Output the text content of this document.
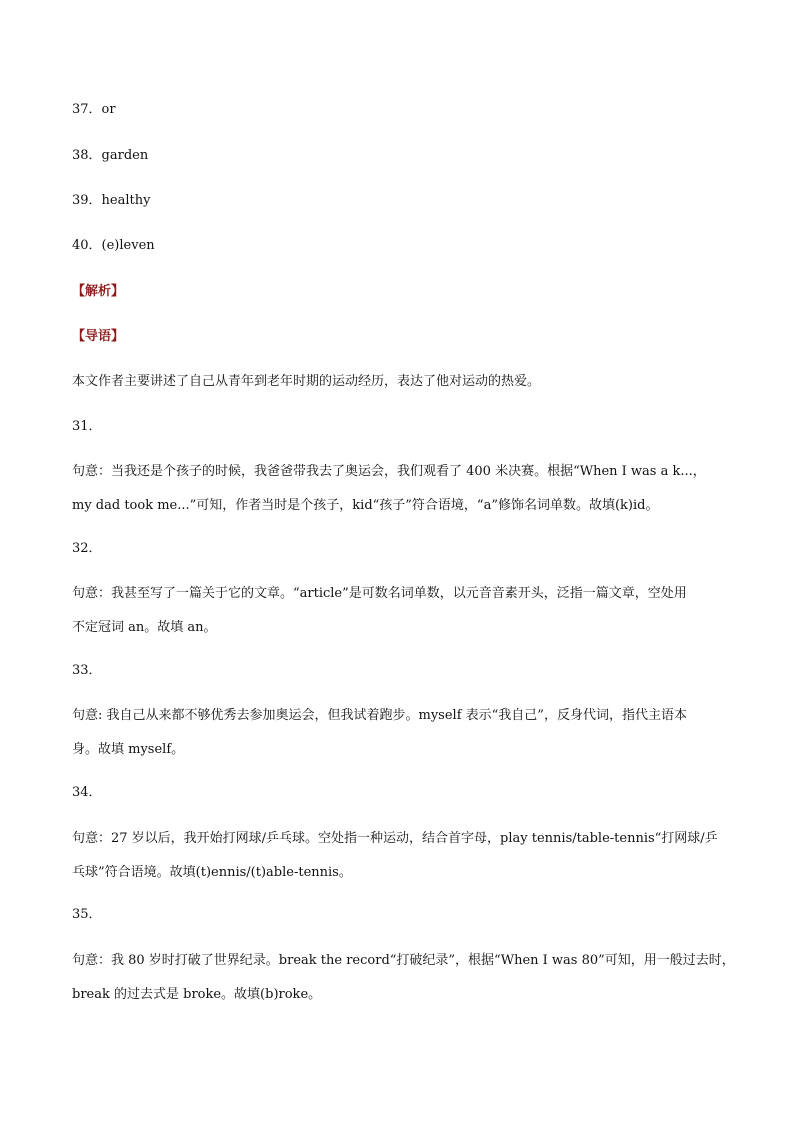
37．or
38．garden
39．healthy
40．(e)leven
【解析】
【导语】
本文作者主要讲述了自己从青年到老年时期的运动经历，表达了他对运动的热爱。
31．
句意：当我还是个孩子的时候，我爸爸带我去了奥运会，我们观看了 400 米决赛。根据“When I was a k...，
my dad took me...”可知，作者当时是个孩子，kid“孩子”符合语境，“a”修饰名词单数。故填(k)id。
32．
句意：我甚至写了一篇关于它的文章。“article”是可数名词单数，以元音音素开头，泛指一篇文章，空处用
不定冠词 an。故填 an。
33．
句意: 我自己从来都不够优秀去参加奥运会，但我试着跑步。myself 表示“我自己”，反身代词，指代主语本
身。故填 myself。
34．
句意：27 岁以后，我开始打网球/乒乓球。空处指一种运动，结合首字母，play tennis/table-tennis“打网球/乒
乓球”符合语境。故填(t)ennis/(t)able-tennis。
35．
句意：我 80 岁时打破了世界纪录。break the record“打破纪录”，根据“When I was 80”可知，用一般过去时，
break 的过去式是 broke。故填(b)roke。
